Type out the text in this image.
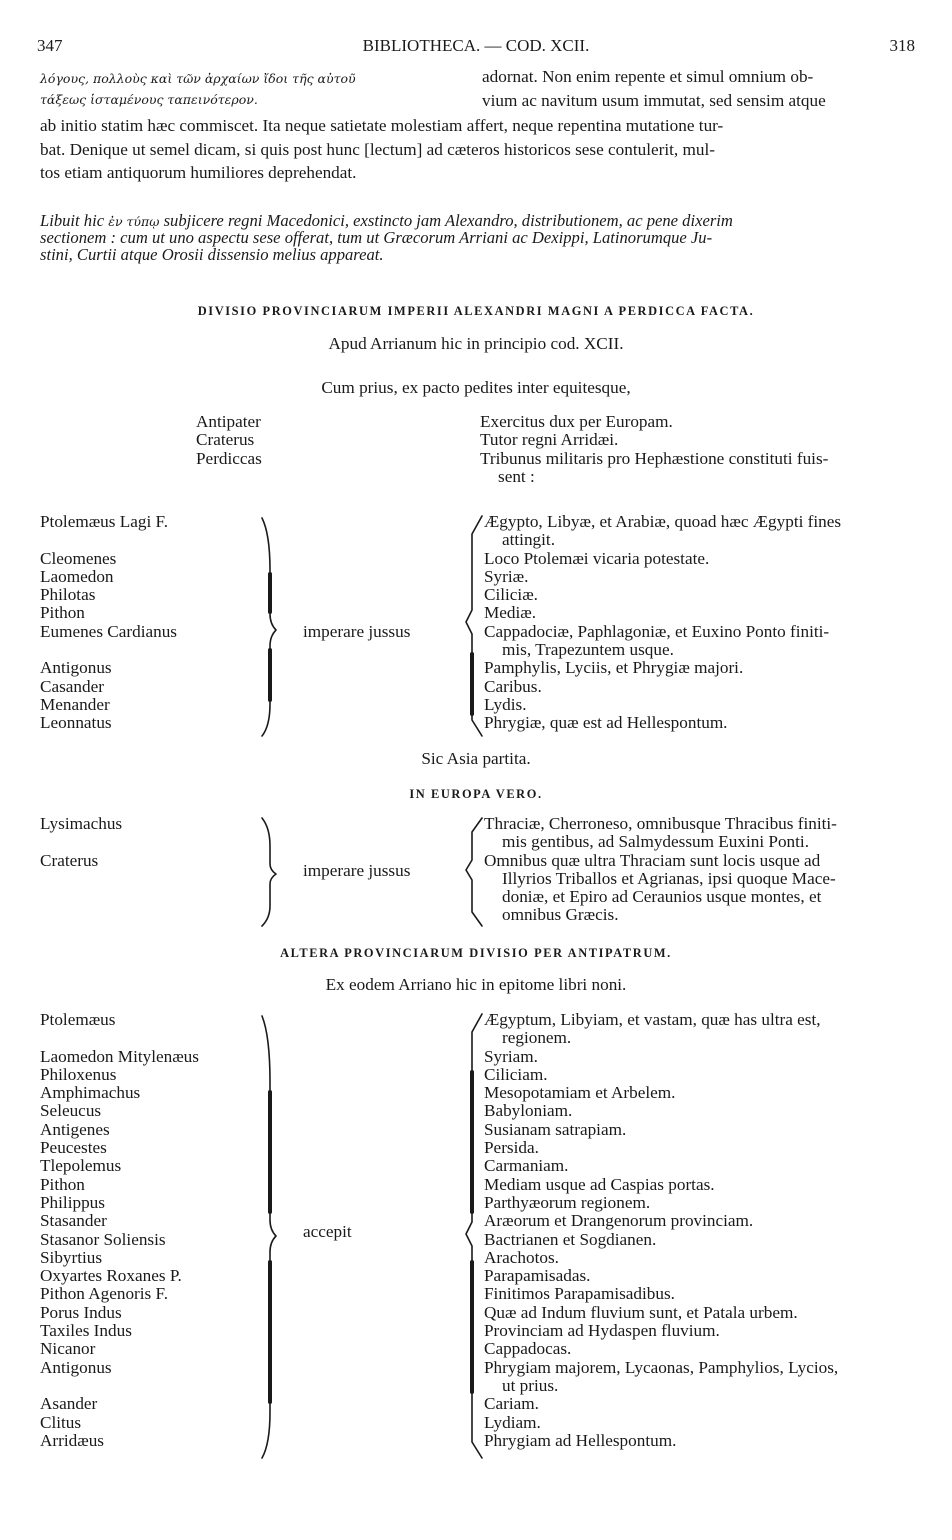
347	BIBLIOTHECA. — COD. XCII.	318
λόγους, πολλοὺς καὶ τῶν ἀρχαίων ἴδοι τῆς αὐτοῦ
τάξεως ἱσταμένους ταπεινότερον.
adornat. Non enim repente et simul omnium ob-
vium ac navitum usum immutat, sed sensim atque
ab initio statim hæc commiscet. Ita neque satietate molestiam affert, neque repentina mutatione tur-
bat. Denique ut semel dicam, si quis post hunc [lectum] ad cæteros historicos sese contulerit, mul-
tos etiam antiquorum humiliores deprehendat.
Libuit hic ἐν τύπῳ subjicere regni Macedonici, exstincto jam Alexandro, distributionem, ac pene dixerim
sectionem : cum ut uno aspectu sese offerat, tum ut Græcorum Arriani ac Dexippi, Latinorumque Ju-
stini, Curtii atque Orosii dissensio melius appareat.
DIVISIO PROVINCIARUM IMPERII ALEXANDRI MAGNI A PERDICCA FACTA.
Apud Arrianum hic in principio cod. XCII.
Cum prius, ex pacto pedites inter equitesque,
Antipater
Craterus
Perdiccas
Exercitus dux per Europam.
Tutor regni Arridæi.
Tribunus militaris pro Hephæstione constituti fuis-
sent :
Ptolemæus Lagi F.
Cleomenes
Laomedon
Philotas
Pithon
Eumenes Cardianus
Antigonus
Casander
Menander
Leonnatus
imperare jussus
Ægypto, Libyæ, et Arabiæ, quoad hæc Ægypti fines
attingit.
Loco Ptolemæi vicaria potestate.
Syriæ.
Ciliciæ.
Mediæ.
Cappadociæ, Paphlagoniæ, et Euxino Ponto finiti-
mis, Trapezuntem usque.
Pamphylis, Lyciis, et Phrygiæ majori.
Caribus.
Lydis.
Phrygiæ, quæ est ad Hellespontum.
Sic Asia partita.
IN EUROPA VERO.
Lysimachus
Craterus
imperare jussus
Thraciæ, Cherroneso, omnibusque Thracibus finiti-
mis gentibus, ad Salmydessum Euxini Ponti.
Omnibus quæ ultra Thraciam sunt locis usque ad
Illyrios Triballos et Agrianas, ipsi quoque Mace-
doniæ, et Epiro ad Ceraunios usque montes, et
omnibus Græcis.
ALTERA PROVINCIARUM DIVISIO PER ANTIPATRUM.
Ex eodem Arriano hic in epitome libri noni.
Ptolemæus
Laomedon Mitylenæus
Philoxenus
Amphimachus
Seleucus
Antigenes
Peucestes
Tlepolemus
Pithon
Philippus
Stasander
Stasanor Soliensis
Sibyrtius
Oxyartes Roxanes P.
Pithon Agenoris F.
Porus Indus
Taxiles Indus
Nicanor
Antigonus
Asander
Clitus
Arridæus
accepit
Ægyptum, Libyiam, et vastam, quæ has ultra est,
regionem.
Syriam.
Ciliciam.
Mesopotamiam et Arbelem.
Babyloniam.
Susianam satrapiam.
Persida.
Carmaniam.
Mediam usque ad Caspias portas.
Parthyæorum regionem.
Aræorum et Drangenorum provinciam.
Bactrianen et Sogdianen.
Arachotos.
Parapamisadas.
Finitimos Parapamisadibus.
Quæ ad Indum fluvium sunt, et Patala urbem.
Provinciam ad Hydaspen fluvium.
Cappadocas.
Phrygiam majorem, Lycaonas, Pamphylios, Lycios,
ut prius.
Cariam.
Lydiam.
Phrygiam ad Hellespontum.
